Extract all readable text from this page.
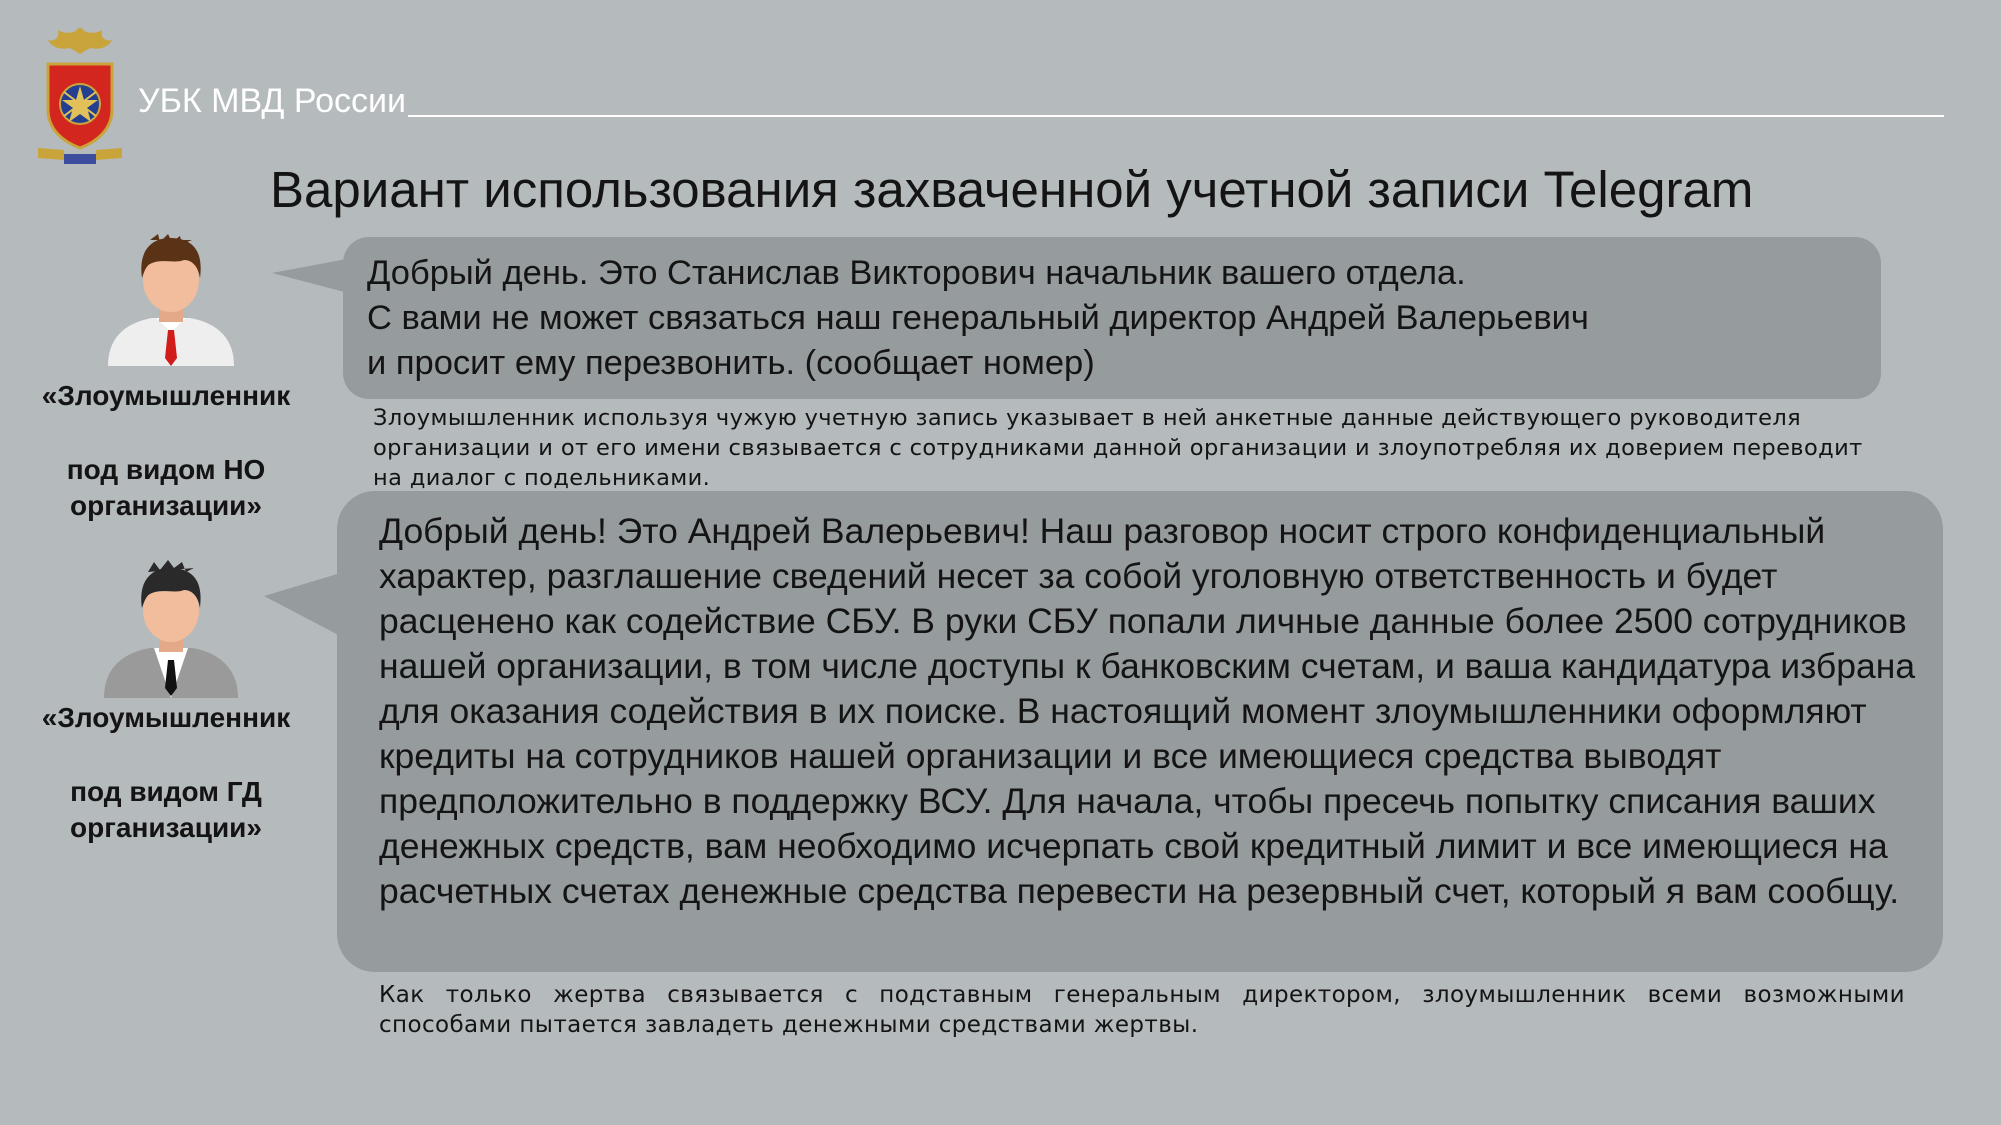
УБК МВД России
Вариант использования захваченной учетной записи Telegram
«Злоумышленник
под видом НО
организации»
«Злоумышленник
под видом ГД
организации»
Добрый день. Это Станислав Викторович начальник вашего отдела.
С вами не может связаться наш генеральный директор Андрей Валерьевич
и просит ему перезвонить. (сообщает номер)
Злоумышленник используя чужую учетную запись указывает в ней анкетные данные действующего руководителя организации и от его имени связывается с сотрудниками данной организации и злоупотребляя их доверием переводит на диалог с подельниками.
Добрый день! Это Андрей Валерьевич! Наш разговор носит строго конфиденциальный характер, разглашение сведений несет за собой уголовную ответственность и будет расценено как содействие СБУ. В руки СБУ попали личные данные более 2500 сотрудников нашей организации, в том числе доступы к банковским счетам, и ваша кандидатура избрана для оказания содействия в их поиске. В настоящий момент злоумышленники оформляют кредиты на сотрудников нашей организации и все имеющиеся средства выводят предположительно в поддержку ВСУ. Для начала, чтобы пресечь попытку списания ваших денежных средств, вам необходимо исчерпать свой кредитный лимит и все имеющиеся на расчетных счетах денежные средства перевести на резервный счет, который я вам сообщу.
Как только жертва связывается с подставным генеральным директором, злоумышленник всеми возможными способами пытается завладеть денежными средствами жертвы.
